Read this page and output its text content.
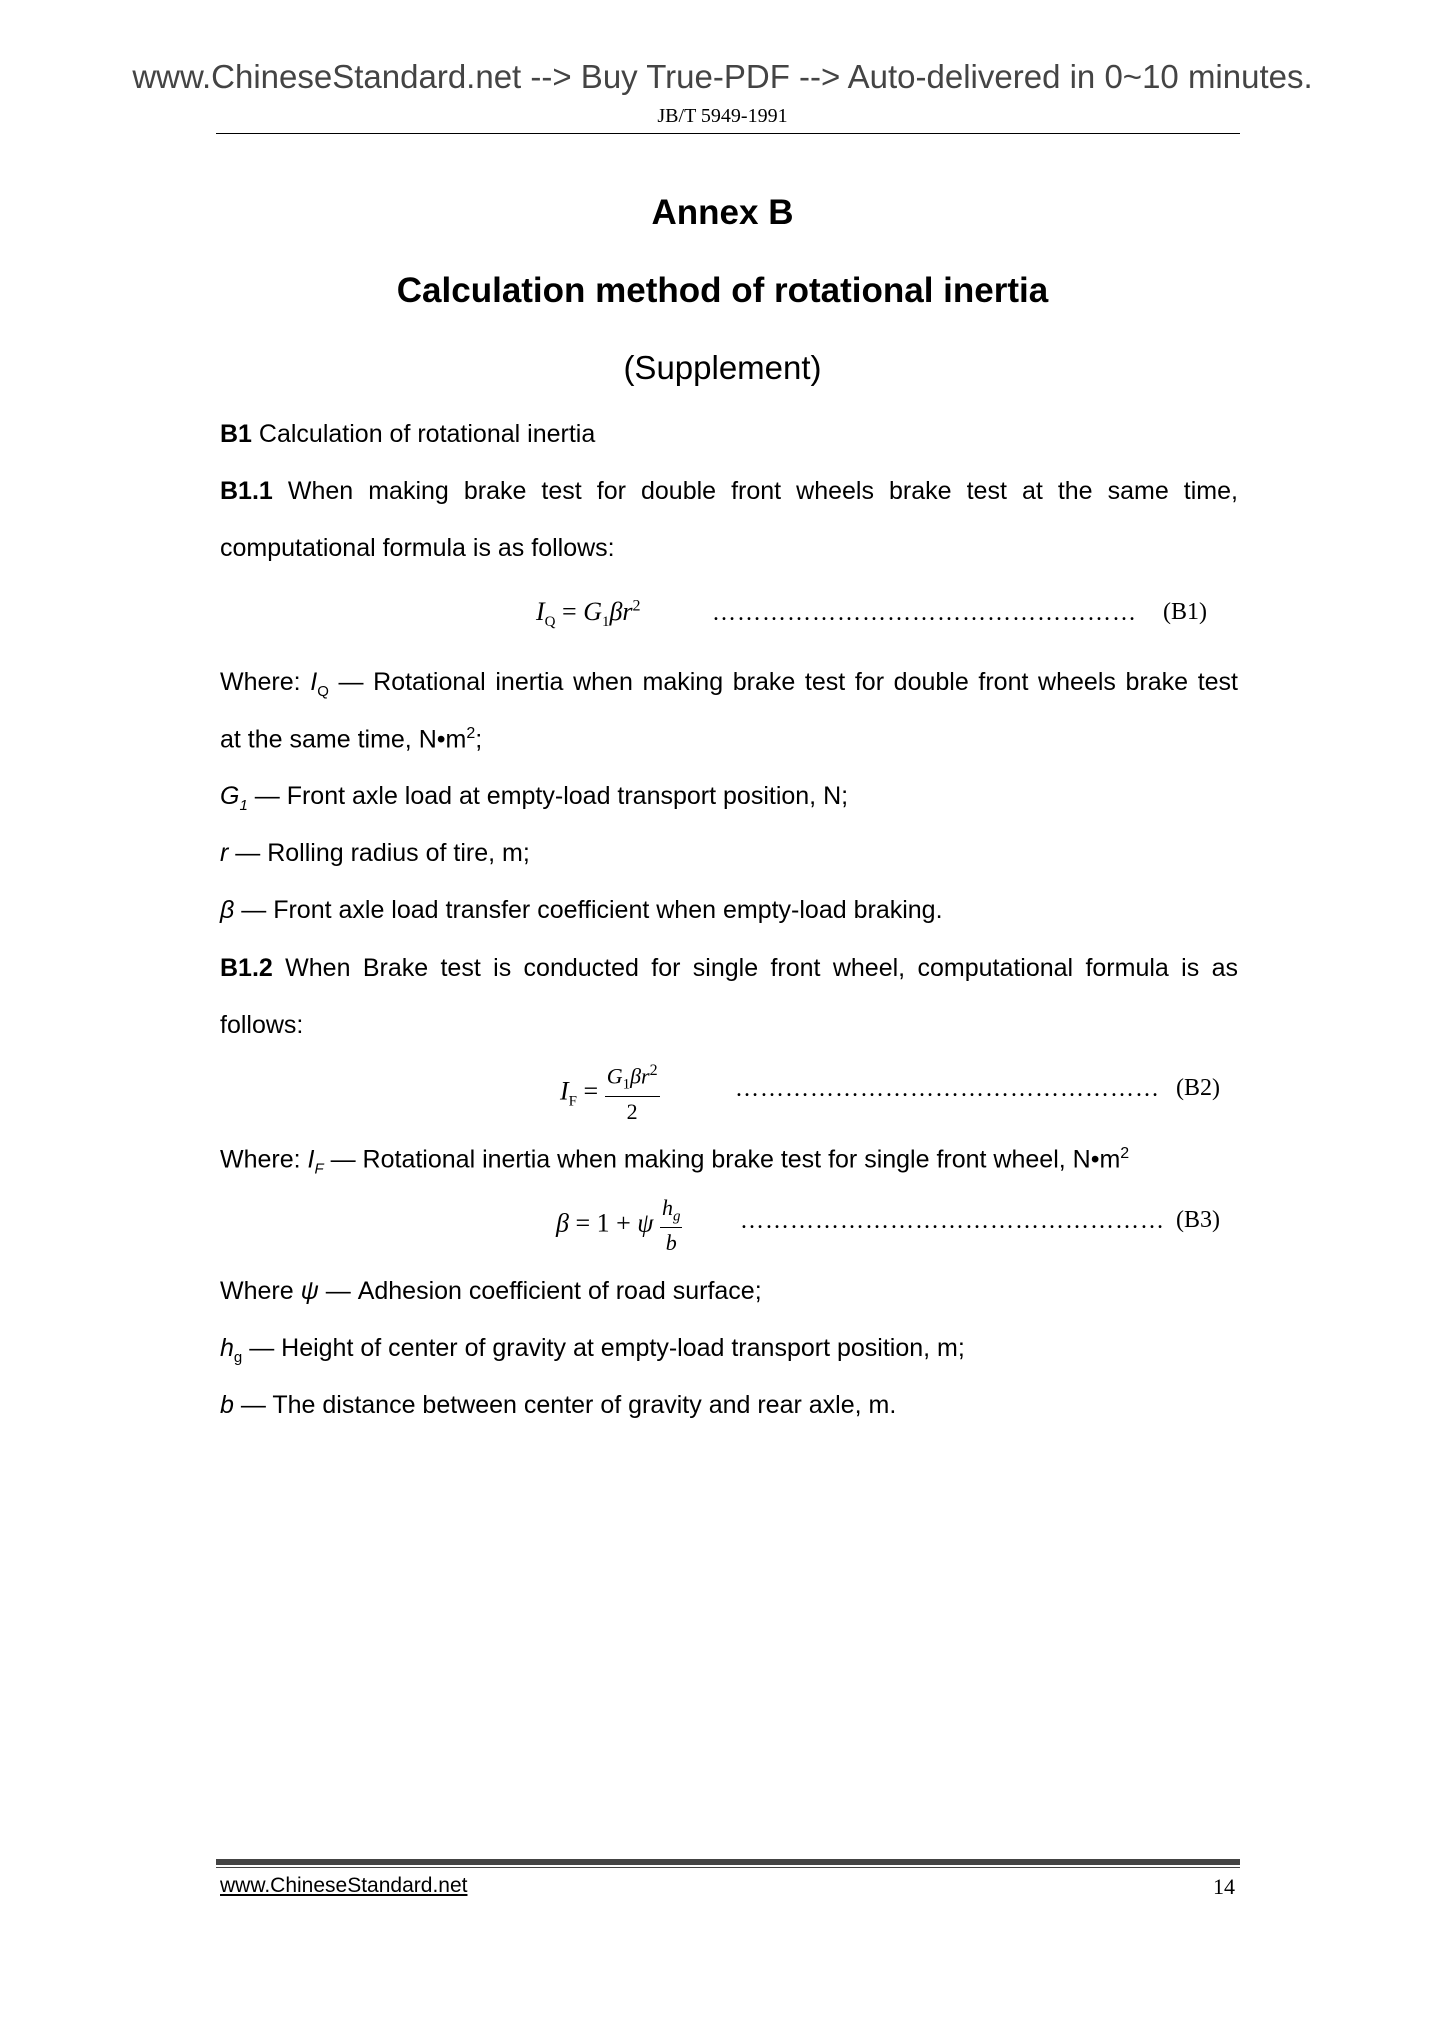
www.ChineseStandard.net --> Buy True-PDF --> Auto-delivered in 0~10 minutes.
JB/T 5949-1991
Annex B
Calculation method of rotational inertia
(Supplement)
B1 Calculation of rotational inertia
B1.1 When making brake test for double front wheels brake test at the same time,
computational formula is as follows:
$I_Q = G_1\beta r^2$	…………………………………………… (B1)
Where: $I_Q$ — Rotational inertia when making brake test for double front wheels brake test
at the same time, $N•m^2$;
$G_1$ — Front axle load at empty-load transport position, N;
r — Rolling radius of tire, m;
β — Front axle load transfer coefficient when empty-load braking.
B1.2 When Brake test is conducted for single front wheel, computational formula is as
follows:
$I_F = \frac{G_1\beta r^2}{2}$	…………………………………………… (B2)
Where: $I_F$ — Rotational inertia when making brake test for single front wheel, $N•m^2$
β = 1 + ψ $\frac{h_g}{b}$ …………………………………………… (B3)
Where ψ — Adhesion coefficient of road surface;
$h_g$ — Height of center of gravity at empty-load transport position, m;
b — The distance between center of gravity and rear axle, m.
www.ChineseStandard.net	14
